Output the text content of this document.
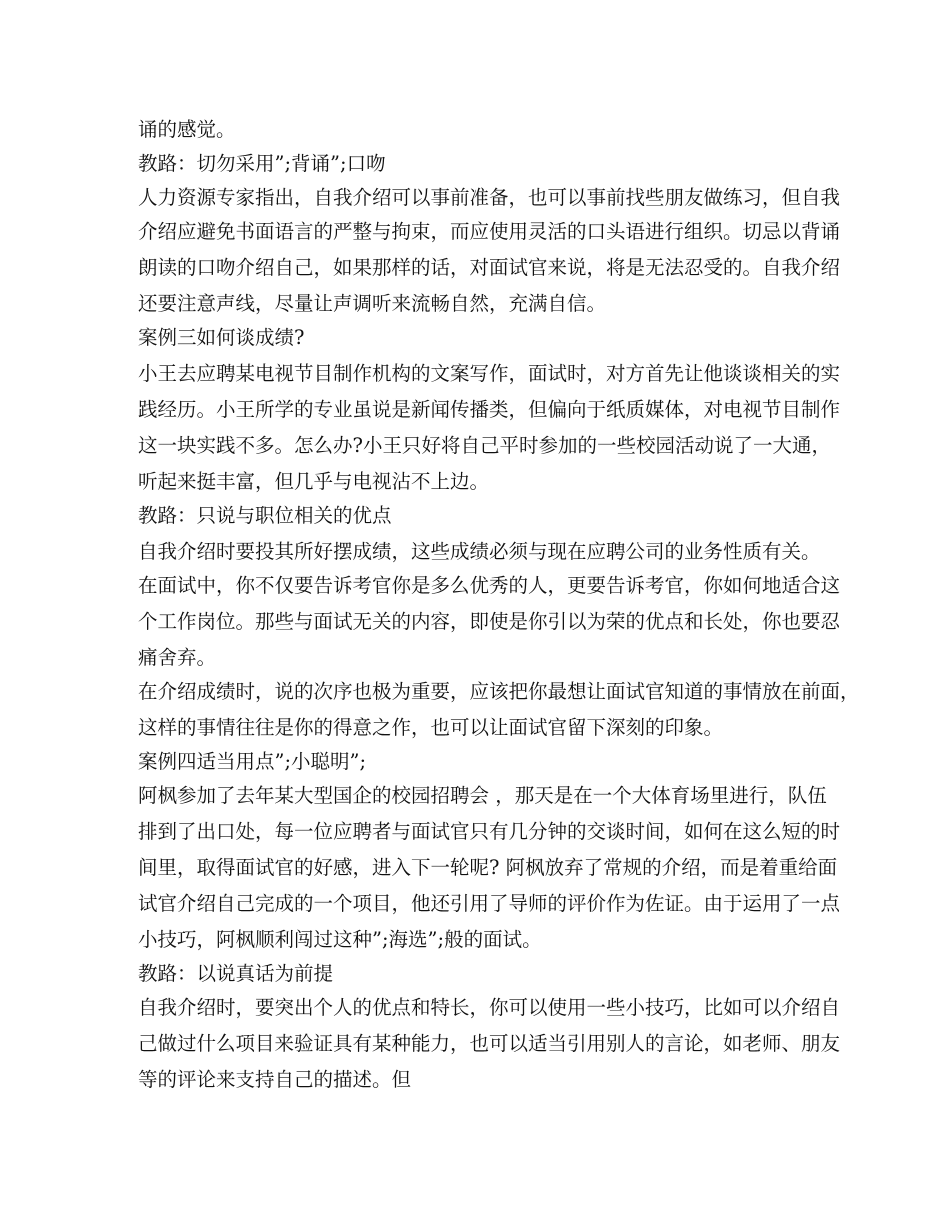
诵的感觉。
教路：切勿采用”;背诵”;口吻
人力资源专家指出，自我介绍可以事前准备，也可以事前找些朋友做练习，但自我
介绍应避免书面语言的严整与拘束，而应使用灵活的口头语进行组织。切忌以背诵
朗读的口吻介绍自己，如果那样的话，对面试官来说，将是无法忍受的。自我介绍
还要注意声线，尽量让声调听来流畅自然，充满自信。
案例三如何谈成绩?
小王去应聘某电视节目制作机构的文案写作，面试时，对方首先让他谈谈相关的实
践经历。小王所学的专业虽说是新闻传播类，但偏向于纸质媒体，对电视节目制作
这一块实践不多。怎么办?小王只好将自己平时参加的一些校园活动说了一大通，
听起来挺丰富，但几乎与电视沾不上边。
教路：只说与职位相关的优点
自我介绍时要投其所好摆成绩，这些成绩必须与现在应聘公司的业务性质有关。
在面试中，你不仅要告诉考官你是多么优秀的人，更要告诉考官，你如何地适合这
个工作岗位。那些与面试无关的内容，即使是你引以为荣的优点和长处，你也要忍
痛舍弃。
在介绍成绩时，说的次序也极为重要，应该把你最想让面试官知道的事情放在前面，
这样的事情往往是你的得意之作，也可以让面试官留下深刻的印象。
案例四适当用点”;小聪明”;
阿枫参加了去年某大型国企的校园招聘会 ，那天是在一个大体育场里进行，队伍
排到了出口处，每一位应聘者与面试官只有几分钟的交谈时间，如何在这么短的时
间里，取得面试官的好感，进入下一轮呢? 阿枫放弃了常规的介绍，而是着重给面
试官介绍自己完成的一个项目，他还引用了导师的评价作为佐证。由于运用了一点
小技巧，阿枫顺利闯过这种”;海选”;般的面试。
教路：以说真话为前提
自我介绍时，要突出个人的优点和特长，你可以使用一些小技巧，比如可以介绍自
己做过什么项目来验证具有某种能力，也可以适当引用别人的言论，如老师、朋友
等的评论来支持自己的描述。但
